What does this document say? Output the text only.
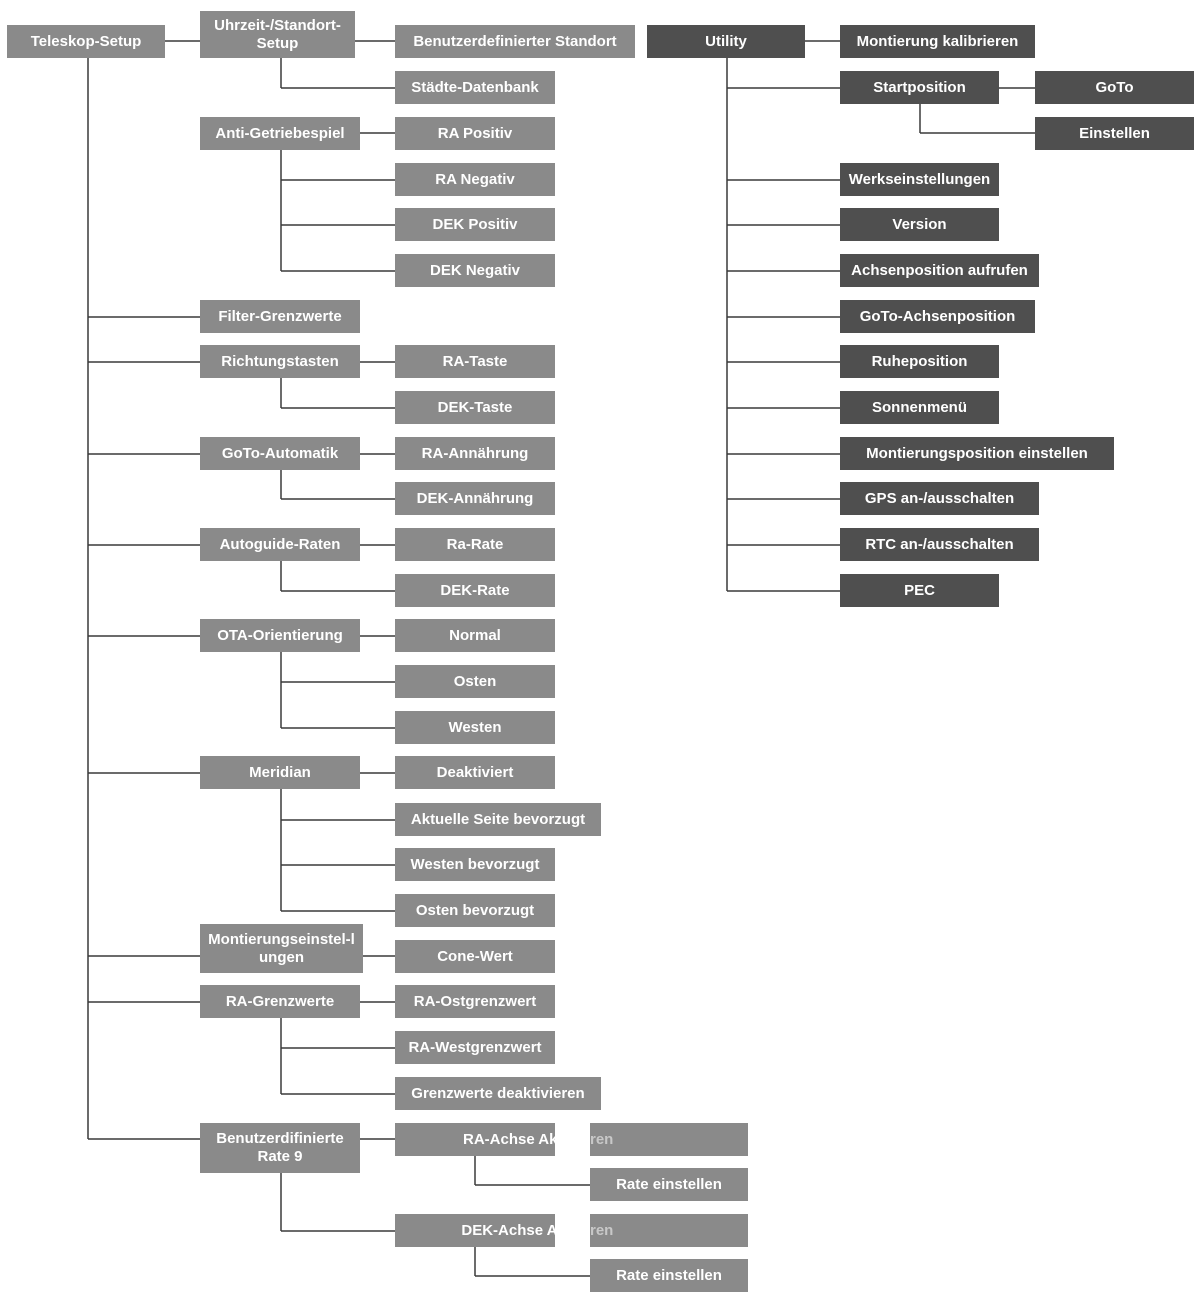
Teleskop-Setup
Uhrzeit-/Standort-Setup	Benutzerdefinierter Standort
Städte-Datenbank
Anti-Getriebespiel	RA Positiv
RA Negativ
DEK Positiv
DEK Negativ
Filter-Grenzwerte
Richtungstasten	RA-Taste
DEK-Taste
GoTo-Automatik	RA-Annährung
DEK-Annährung
Autoguide-Raten	Ra-Rate
DEK-Rate
OTA-Orientierung	Normal
Osten
Westen
Meridian	Deaktiviert
Aktuelle Seite bevorzugt
Westen bevorzugt
Osten bevorzugt
Montierungseinstel-lungen	Cone-Wert
RA-Grenzwerte	RA-Ostgrenzwert
RA-Westgrenzwert
Grenzwerte deaktivieren
Benutzerdifinierte Rate 9
RA-Achse Aktiv ren
Rate einstellen
DEK-Achse Akti ren
Rate einstellen
Utility	Montierung kalibrieren
Startposition	GoTo
Einstellen
Werkseinstellungen
Version
Achsenposition aufrufen
GoTo-Achsenposition
Ruheposition
Sonnenmenü
Montierungsposition einstellen
GPS an-/ausschalten
RTC an-/ausschalten
PEC
